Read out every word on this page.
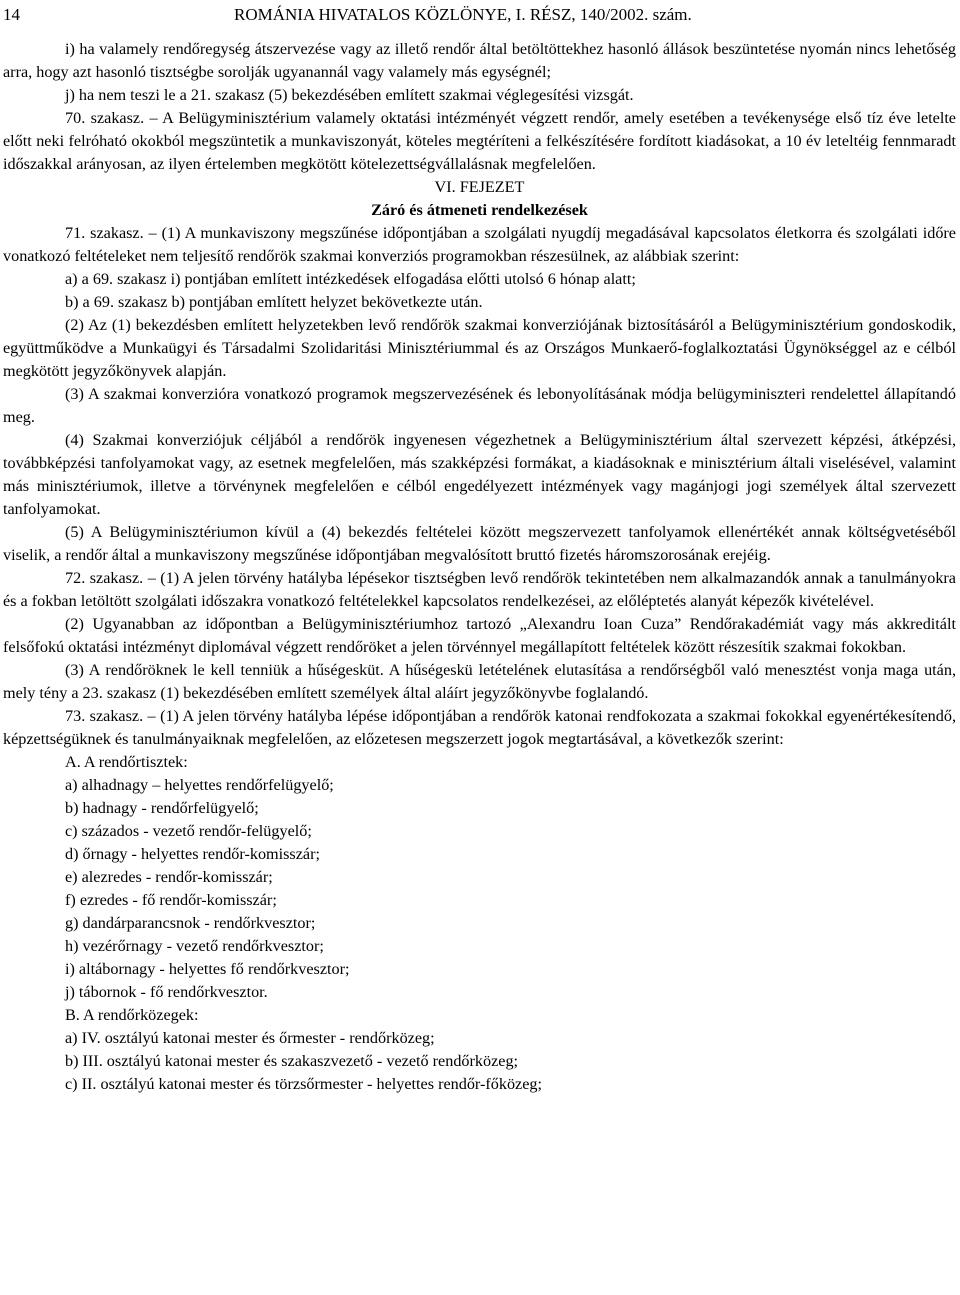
14	ROMÁNIA HIVATALOS KÖZLÖNYE, I. RÉSZ, 140/2002. szám.

i) ha valamely rendőregység átszervezése vagy az illető rendőr által betöltöttekhez hasonló állások beszüntetése nyomán nincs lehetőség arra, hogy azt hasonló tisztségbe sorolják ugyanannál vagy valamely más egységnél;

j) ha nem teszi le a 21. szakasz (5) bekezdésében említett szakmai véglegesítési vizsgát.

70. szakasz. – A Belügyminisztérium valamely oktatási intézményét végzett rendőr, amely esetében a tevékenysége első tíz éve letelte előtt neki felróható okokból megszüntetik a munkaviszonyát, köteles megtéríteni a felkészítésére fordított kiadásokat, a 10 év leteltéig fennmaradt időszakkal arányosan, az ilyen értelemben megkötött kötelezettségvállalásnak megfelelően.

VI. FEJEZET

Záró és átmeneti rendelkezések

71. szakasz. – (1) A munkaviszony megszűnése időpontjában a szolgálati nyugdíj megadásával kapcsolatos életkorra és szolgálati időre vonatkozó feltételeket nem teljesítő rendőrök szakmai konverziós programokban részesülnek, az alábbiak szerint:

a) a 69. szakasz i) pontjában említett intézkedések elfogadása előtti utolsó 6 hónap alatt;

b) a 69. szakasz b) pontjában említett helyzet bekövetkezte után.

(2) Az (1) bekezdésben említett helyzetekben levő rendőrök szakmai konverziójának biztosításáról a Belügyminisztérium gondoskodik, együttműködve a Munkaügyi és Társadalmi Szolidaritási Minisztériummal és az Országos Munkaerő-foglalkoztatási Ügynökséggel az e célból megkötött jegyzőkönyvek alapján.

(3) A szakmai konverzióra vonatkozó programok megszervezésének és lebonyolításának módja belügyminiszteri rendelettel állapítandó meg.

(4) Szakmai konverziójuk céljából a rendőrök ingyenesen végezhetnek a Belügyminisztérium által szervezett képzési, átképzési, továbbképzési tanfolyamokat vagy, az esetnek megfelelően, más szakképzési formákat, a kiadásoknak e minisztérium általi viselésével, valamint más minisztériumok, illetve a törvénynek megfelelően e célból engedélyezett intézmények vagy magánjogi jogi személyek által szervezett tanfolyamokat.

(5) A Belügyminisztériumon kívül a (4) bekezdés feltételei között megszervezett tanfolyamok ellenértékét annak költségvetéséből viselik, a rendőr által a munkaviszony megszűnése időpontjában megvalósított bruttó fizetés háromszorosának erejéig.

72. szakasz. – (1) A jelen törvény hatályba lépésekor tisztségben levő rendőrök tekintetében nem alkalmazandók annak a tanulmányokra és a fokban letöltött szolgálati időszakra vonatkozó feltételekkel kapcsolatos rendelkezései, az előléptetés alanyát képezők kivételével.

(2) Ugyanabban az időpontban a Belügyminisztériumhoz tartozó „Alexandru Ioan Cuza” Rendőrakadémiát vagy más akkreditált felsőfokú oktatási intézményt diplomával végzett rendőröket a jelen törvénnyel megállapított feltételek között részesítik szakmai fokokban.

(3) A rendőröknek le kell tenniük a hűségesküt. A hűségeskü letételének elutasítása a rendőrségből való menesztést vonja maga után, mely tény a 23. szakasz (1) bekezdésében említett személyek által aláírt jegyzőkönyvbe foglalandó.

73. szakasz. – (1) A jelen törvény hatályba lépése időpontjában a rendőrök katonai rendfokozata a szakmai fokokkal egyenértékesítendő, képzettségüknek és tanulmányaiknak megfelelően, az előzetesen megszerzett jogok megtartásával, a következők szerint:

A. A rendőrtisztek:

a) alhadnagy – helyettes rendőrfelügyelő;

b) hadnagy - rendőrfelügyelő;

c) százados - vezető rendőr-felügyelő;

d) őrnagy - helyettes rendőr-komisszár;

e) alezredes - rendőr-komisszár;

f) ezredes - fő rendőr-komisszár;

g) dandárparancsnok - rendőrkvesztor;

h) vezérőrnagy - vezető rendőrkvesztor;

i) altábornagy - helyettes fő rendőrkvesztor;

j) tábornok - fő rendőrkvesztor.

B. A rendőrközegek:

a) IV. osztályú katonai mester és őrmester - rendőrközeg;

b) III. osztályú katonai mester és szakaszvezető - vezető rendőrközeg;

c) II. osztályú katonai mester és törzsőrmester - helyettes rendőr-főközeg;
